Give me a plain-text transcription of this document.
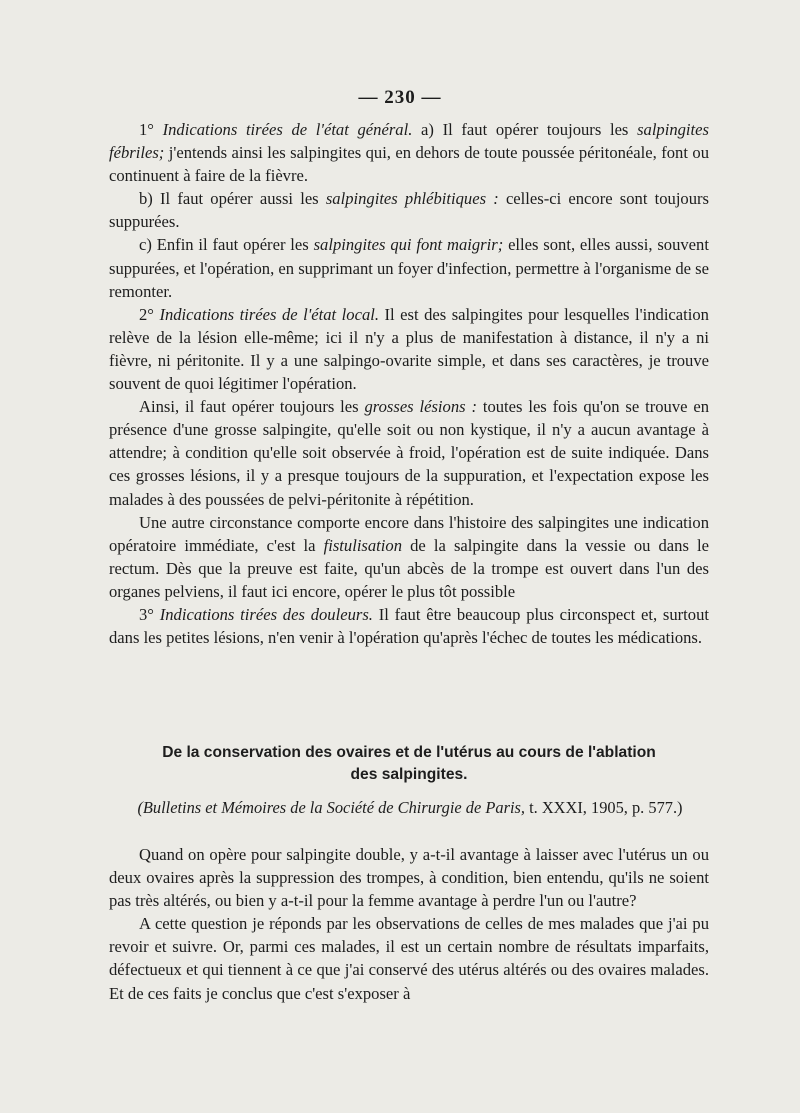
— 230 —

1° Indications tirées de l'état général. a) Il faut opérer toujours les salpingites fébriles; j'entends ainsi les salpingites qui, en dehors de toute poussée péritonéale, font ou continuent à faire de la fièvre.

b) Il faut opérer aussi les salpingites phlébitiques : celles-ci encore sont toujours suppurées.

c) Enfin il faut opérer les salpingites qui font maigrir; elles sont, elles aussi, souvent suppurées, et l'opération, en supprimant un foyer d'infection, permettre à l'organisme de se remonter.

2° Indications tirées de l'état local. Il est des salpingites pour lesquelles l'indication relève de la lésion elle-même; ici il n'y a plus de manifestation à distance, il n'y a ni fièvre, ni péritonite. Il y a une salpingo-ovarite simple, et dans ses caractères, je trouve souvent de quoi légitimer l'opération.

Ainsi, il faut opérer toujours les grosses lésions : toutes les fois qu'on se trouve en présence d'une grosse salpingite, qu'elle soit ou non kystique, il n'y a aucun avantage à attendre; à condition qu'elle soit observée à froid, l'opération est de suite indiquée. Dans ces grosses lésions, il y a presque toujours de la suppuration, et l'expectation expose les malades à des poussées de pelvi-péritonite à répétition.

Une autre circonstance comporte encore dans l'histoire des salpingites une indication opératoire immédiate, c'est la fistulisation de la salpingite dans la vessie ou dans le rectum. Dès que la preuve est faite, qu'un abcès de la trompe est ouvert dans l'un des organes pelviens, il faut ici encore, opérer le plus tôt possible

3° Indications tirées des douleurs. Il faut être beaucoup plus circonspect et, surtout dans les petites lésions, n'en venir à l'opération qu'après l'échec de toutes les médications.

De la conservation des ovaires et de l'utérus au cours de l'ablation
des salpingites.
(Bulletins et Mémoires de la Société de Chirurgie de Paris, t. XXXI, 1905, p. 577.)

Quand on opère pour salpingite double, y a-t-il avantage à laisser avec l'utérus un ou deux ovaires après la suppression des trompes, à condition, bien entendu, qu'ils ne soient pas très altérés, ou bien y a-t-il pour la femme avantage à perdre l'un ou l'autre?

A cette question je réponds par les observations de celles de mes malades que j'ai pu revoir et suivre. Or, parmi ces malades, il est un certain nombre de résultats imparfaits, défectueux et qui tiennent à ce que j'ai conservé des utérus altérés ou des ovaires malades. Et de ces faits je conclus que c'est s'exposer à
